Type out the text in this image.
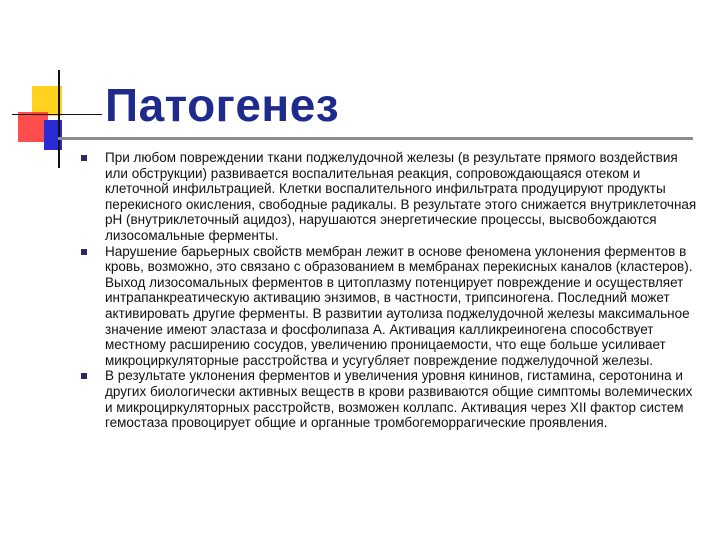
Патогенез
При любом повреждении ткани поджелудочной железы (в результате прямого воздействия или обструкции) развивается воспалительная реакция, сопровождающаяся отеком и клеточной инфильтрацией. Клетки воспалительного инфильтрата продуцируют продукты перекисного окисления, свободные радикалы. В результате этого снижается внутриклеточная рН (внутриклеточный ацидоз), нарушаются энергетические процессы, высвобождаются лизосомальные ферменты.
Нарушение барьерных свойств мембран лежит в основе феномена уклонения ферментов в кровь, возможно, это связано с образованием в мембранах перекисных каналов (кластеров). Выход лизосомальных ферментов в цитоплазму потенцирует повреждение и осуществляет интрапанкреатическую активацию энзимов, в частности, трипсиногена. Последний может активировать другие ферменты. В развитии аутолиза поджелудочной железы максимальное значение имеют эластаза и фосфолипаза А. Активация калликреиногена способствует местному расширению сосудов, увеличению проницаемости, что еще больше усиливает микроциркуляторные расстройства и усугубляет повреждение поджелудочной железы.
В результате уклонения ферментов и увеличения уровня кининов, гистамина, серотонина и других биологически активных веществ в крови развиваются общие симптомы волемических и микроциркуляторных расстройств, возможен коллапс. Активация через XII фактор систем гемостаза провоцирует общие и органные тромбогеморрагические проявления.
